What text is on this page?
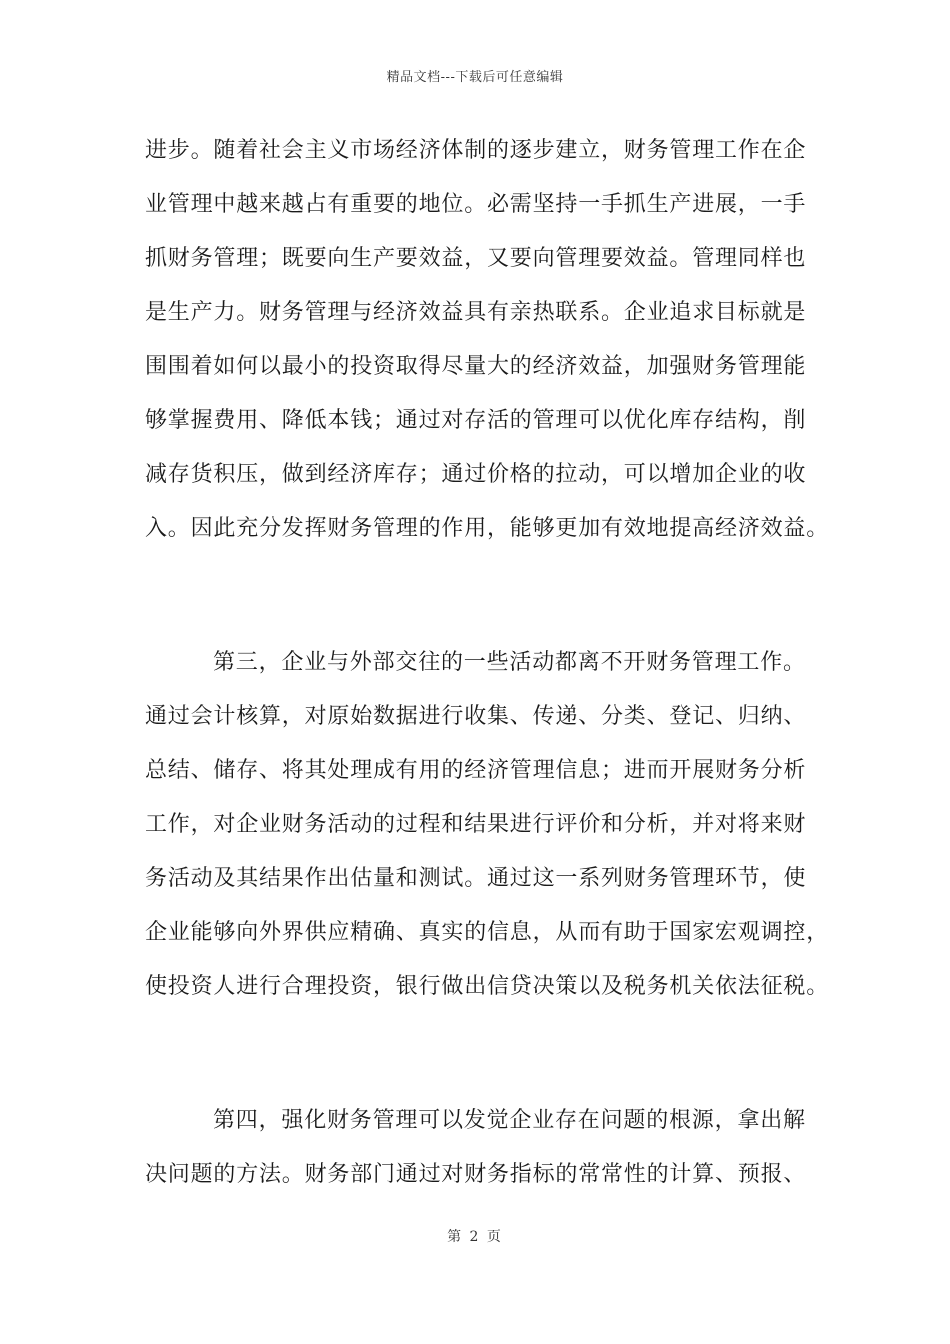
精品文档---下载后可任意编辑
进步。随着社会主义市场经济体制的逐步建立，财务管理工作在企
业管理中越来越占有重要的地位。必需坚持一手抓生产进展，一手
抓财务管理；既要向生产要效益，又要向管理要效益。管理同样也
是生产力。财务管理与经济效益具有亲热联系。企业追求目标就是
围围着如何以最小的投资取得尽量大的经济效益，加强财务管理能
够掌握费用、降低本钱；通过对存活的管理可以优化库存结构，削
减存货积压，做到经济库存；通过价格的拉动，可以增加企业的收
入。因此充分发挥财务管理的作用，能够更加有效地提高经济效益。
第三，企业与外部交往的一些活动都离不开财务管理工作。
通过会计核算，对原始数据进行收集、传递、分类、登记、归纳、
总结、储存、将其处理成有用的经济管理信息；进而开展财务分析
工作，对企业财务活动的过程和结果进行评价和分析，并对将来财
务活动及其结果作出估量和测试。通过这一系列财务管理环节，使
企业能够向外界供应精确、真实的信息，从而有助于国家宏观调控，
使投资人进行合理投资，银行做出信贷决策以及税务机关依法征税。
第四，强化财务管理可以发觉企业存在问题的根源，拿出解
决问题的方法。财务部门通过对财务指标的常常性的计算、预报、
第 2 页
